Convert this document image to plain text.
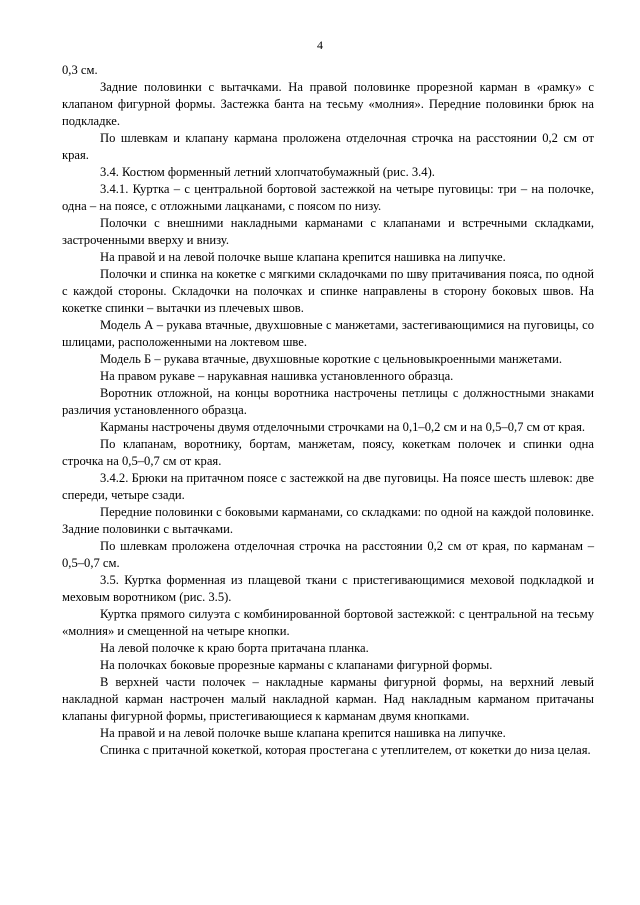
4

0,3 см.

Задние половинки с вытачками. На правой половинке прорезной карман в «рамку» с клапаном фигурной формы. Застежка банта на тесьму «молния». Передние половинки брюк на подкладке.

По шлевкам и клапану кармана проложена отделочная строчка на расстоянии 0,2 см от края.

3.4. Костюм форменный летний хлопчатобумажный (рис. 3.4).

3.4.1. Куртка – с центральной бортовой застежкой на четыре пуговицы: три – на полочке, одна – на поясе, с отложными лацканами, с поясом по низу.

Полочки с внешними накладными карманами с клапанами и встречными складками, застроченными вверху и внизу.

На правой и на левой полочке выше клапана крепится нашивка на липучке.

Полочки и спинка на кокетке с мягкими складочками по шву притачивания пояса, по одной с каждой стороны. Складочки на полочках и спинке направлены в сторону боковых швов. На кокетке спинки – вытачки из плечевых швов.

Модель А – рукава втачные, двухшовные с манжетами, застегивающимися на пуговицы, со шлицами, расположенными на локтевом шве.

Модель Б – рукава втачные, двухшовные короткие с цельновыкроенными манжетами.

На правом рукаве – нарукавная нашивка установленного образца.

Воротник отложной, на концы воротника настрочены петлицы с должностными знаками различия установленного образца.

Карманы настрочены двумя отделочными строчками на 0,1–0,2 см и на 0,5–0,7 см от края.

По клапанам, воротнику, бортам, манжетам, поясу, кокеткам полочек и спинки одна строчка на 0,5–0,7 см от края.

3.4.2. Брюки на притачном поясе с застежкой на две пуговицы. На поясе шесть шлевок: две спереди, четыре сзади.

Передние половинки с боковыми карманами, со складками: по одной на каждой половинке. Задние половинки с вытачками.

По шлевкам проложена отделочная строчка на расстоянии 0,2 см от края, по карманам – 0,5–0,7 см.

3.5. Куртка форменная из плащевой ткани с пристегивающимися меховой подкладкой и меховым воротником (рис. 3.5).

Куртка прямого силуэта с комбинированной бортовой застежкой: с центральной на тесьму «молния» и смещенной на четыре кнопки.

На левой полочке к краю борта притачана планка.

На полочках боковые прорезные карманы с клапанами фигурной формы.

В верхней части полочек – накладные карманы фигурной формы, на верхний левый накладной карман настрочен малый накладной карман. Над накладным карманом притачаны клапаны фигурной формы, пристегивающиеся к карманам двумя кнопками.

На правой и на левой полочке выше клапана крепится нашивка на липучке.

Спинка с притачной кокеткой, которая простегана с утеплителем, от кокетки до низа целая.
